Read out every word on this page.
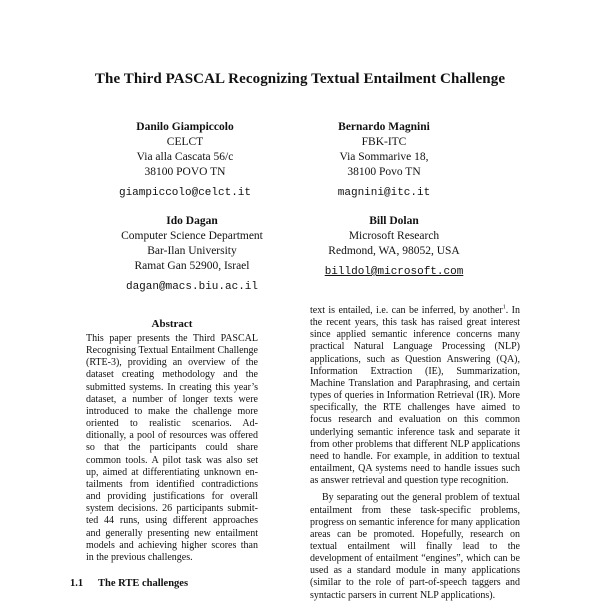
The Third PASCAL Recognizing Textual Entailment Challenge
Danilo Giampiccolo
CELCT
Via alla Cascata 56/c
38100 POVO TN
giampiccolo@celct.it
Bernardo Magnini
FBK-ITC
Via Sommarive 18,
38100 Povo TN
magnini@itc.it
Ido Dagan
Computer Science Department
Bar-Ilan University
Ramat Gan 52900, Israel
dagan@macs.biu.ac.il
Bill Dolan
Microsoft Research
Redmond, WA, 98052, USA
billdol@microsoft.com
Abstract
This paper presents the Third PASCAL Recognising Textual Entailment Challenge (RTE-3), providing an overview of the dataset creating methodology and the submitted systems. In creating this year’s dataset, a number of longer texts were introduced to make the challenge more oriented to realistic scenarios. Additionally, a pool of resources was offered so that the participants could share common tools. A pilot task was also set up, aimed at differentiating unknown entailments from identified contradictions and providing justifications for overall system decisions. 26 participants submitted 44 runs, using different approaches and generally presenting new entailment models and achieving higher scores than in the previous challenges.
1.1 The RTE challenges

text is entailed, i.e. can be inferred, by another$^1$. In the recent years, this task has raised great interest since applied semantic inference concerns many practical Natural Language Processing (NLP) applications, such as Question Answering (QA), Information Extraction (IE), Summarization, Machine Translation and Paraphrasing, and certain types of queries in Information Retrieval (IR). More specifically, the RTE challenges have aimed to focus research and evaluation on this common underlying semantic inference task and separate it from other problems that different NLP applications need to handle. For example, in addition to textual entailment, QA systems need to handle issues such as answer retrieval and question type recognition.

By separating out the general problem of textual entailment from these task-specific problems, progress on semantic inference for many application areas can be promoted. Hopefully, research on textual entailment will finally lead to the development of entailment “engines”, which can be used as a standard module in many applications (similar to the role of part-of-speech taggers and syntactic parsers in current NLP applications).
